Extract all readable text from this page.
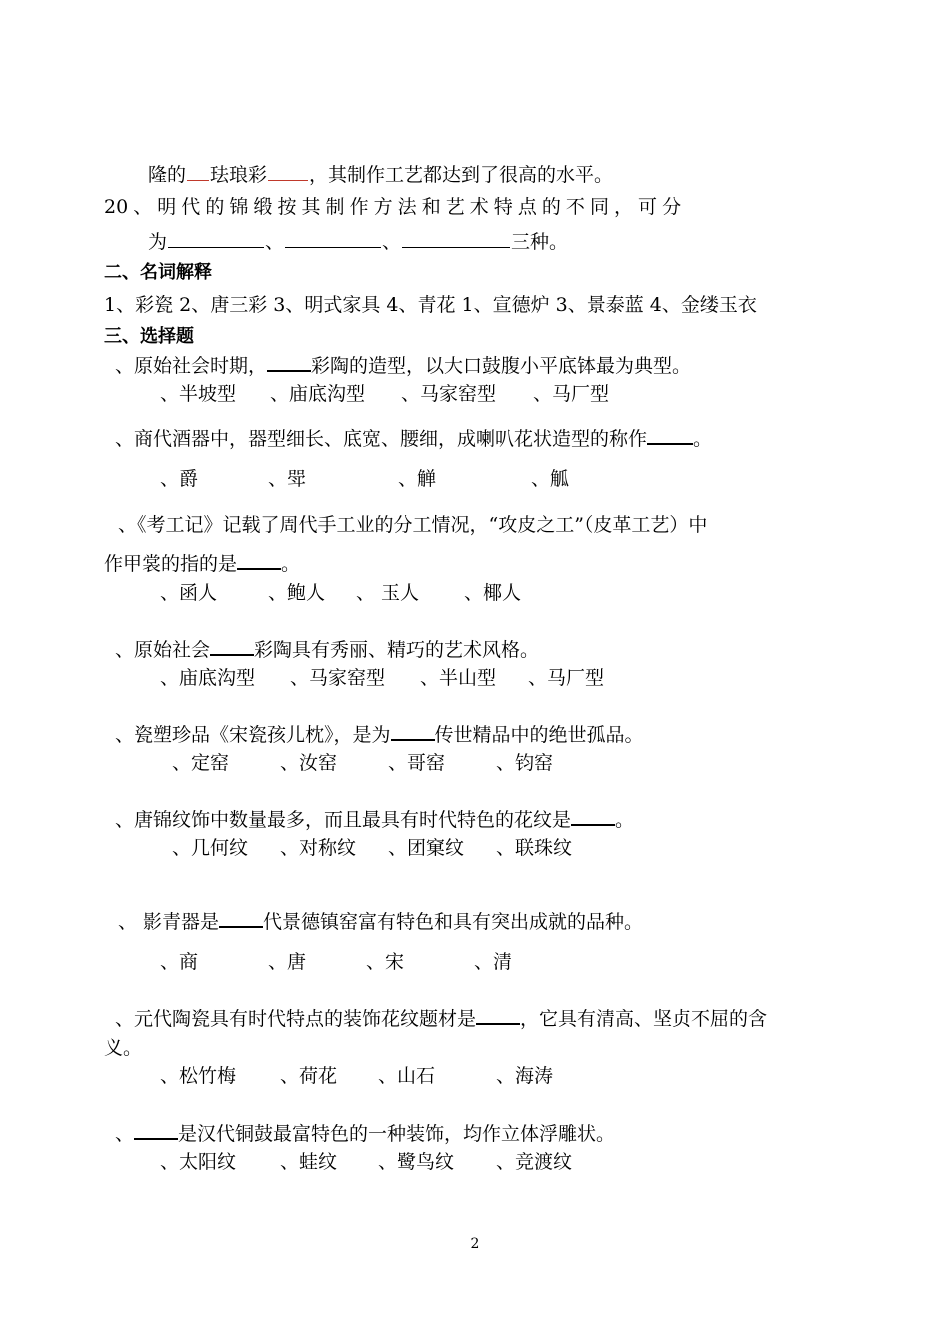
隆的 珐琅彩 ，其制作工艺都达到了很高的水平。
20 、 明 代 的 锦 缎 按 其 制 作 方 法 和 艺 术 特 点 的 不 同 ， 可 分
为	、	、	三种。
二、名词解释
1、彩瓷 2、唐三彩 3、明式家具 4、青花 1、宣德炉 3、景泰蓝 4、金缕玉衣
三、选择题
、原始社会时期， 彩陶的造型，以大口鼓腹小平底钵最为典型。
、半坡型 、庙底沟型 、马家窑型 、马厂型
、商代酒器中，器型细长、底宽、腰细，成喇叭花状造型的称作 。
、爵	、斝	、觯	、觚
、《考工记》记载了周代手工业的分工情况，“攻皮之工”（皮革工艺）中
作甲裳的指的是 。
、函人	、鲍人 、 玉人 、椰人
、原始社会 彩陶具有秀丽、精巧的艺术风格。
、庙底沟型 、马家窑型 、半山型 、马厂型
、瓷塑珍品《宋瓷孩儿枕》，是为 传世精品中的绝世孤品。
、定窑	、汝窑	、哥窑	、钧窑
、唐锦纹饰中数量最多，而且最具有时代特色的花纹是 。
、几何纹 、对称纹 、团窠纹 、联珠纹
、 影青器是 代景德镇窑富有特色和具有突出成就的品种。
、商	、唐	、宋	、清
、元代陶瓷具有时代特点的装饰花纹题材是 ，它具有清高、坚贞不屈的含
义。
、松竹梅 、荷花 、山石	、海涛
、 是汉代铜鼓最富特色的一种装饰，均作立体浮雕状。
、太阳纹 、蛙纹 、鹭鸟纹 、竞渡纹
2
